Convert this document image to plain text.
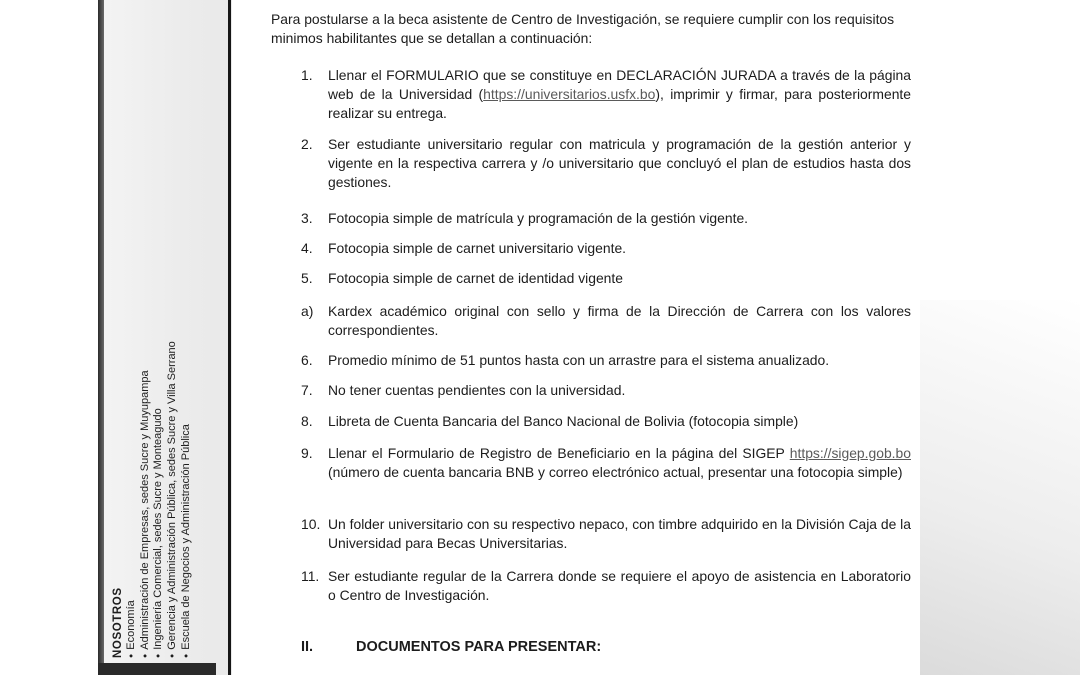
NOSOTROS ● Economía ● Administración de Empresas, sedes Sucre y Muyupampa ● Ingeniería Comercial, sedes Sucre y Monteagudo ● Gerencia y Administración Pública, sedes Sucre y Villa Serrano ● Escuela de Negocios y Administración Pública
Para postularse a la beca asistente de Centro de Investigación, se requiere cumplir con los requisitos minimos habilitantes que se detallan a continuación:
1. Llenar el FORMULARIO que se constituye en DECLARACIÓN JURADA a través de la página web de la Universidad (https://universitarios.usfx.bo), imprimir y firmar, para posteriormente realizar su entrega.
2. Ser estudiante universitario regular con matricula y programación de la gestión anterior y vigente en la respectiva carrera y /o universitario que concluyó el plan de estudios hasta dos gestiones.
3. Fotocopia simple de matrícula y programación de la gestión vigente.
4. Fotocopia simple de carnet universitario vigente.
5. Fotocopia simple de carnet de identidad vigente
a) Kardex académico original con sello y firma de la Dirección de Carrera con los valores correspondientes.
6. Promedio mínimo de 51 puntos hasta con un arrastre para el sistema anualizado.
7. No tener cuentas pendientes con la universidad.
8. Libreta de Cuenta Bancaria del Banco Nacional de Bolivia (fotocopia simple)
9. Llenar el Formulario de Registro de Beneficiario en la página del SIGEP https://sigep.gob.bo (número de cuenta bancaria BNB y correo electrónico actual, presentar una fotocopia simple)
10. Un folder universitario con su respectivo nepaco, con timbre adquirido en la División Caja de la Universidad para Becas Universitarias.
11. Ser estudiante regular de la Carrera donde se requiere el apoyo de asistencia en Laboratorio o Centro de Investigación.
II.	DOCUMENTOS PARA PRESENTAR:
